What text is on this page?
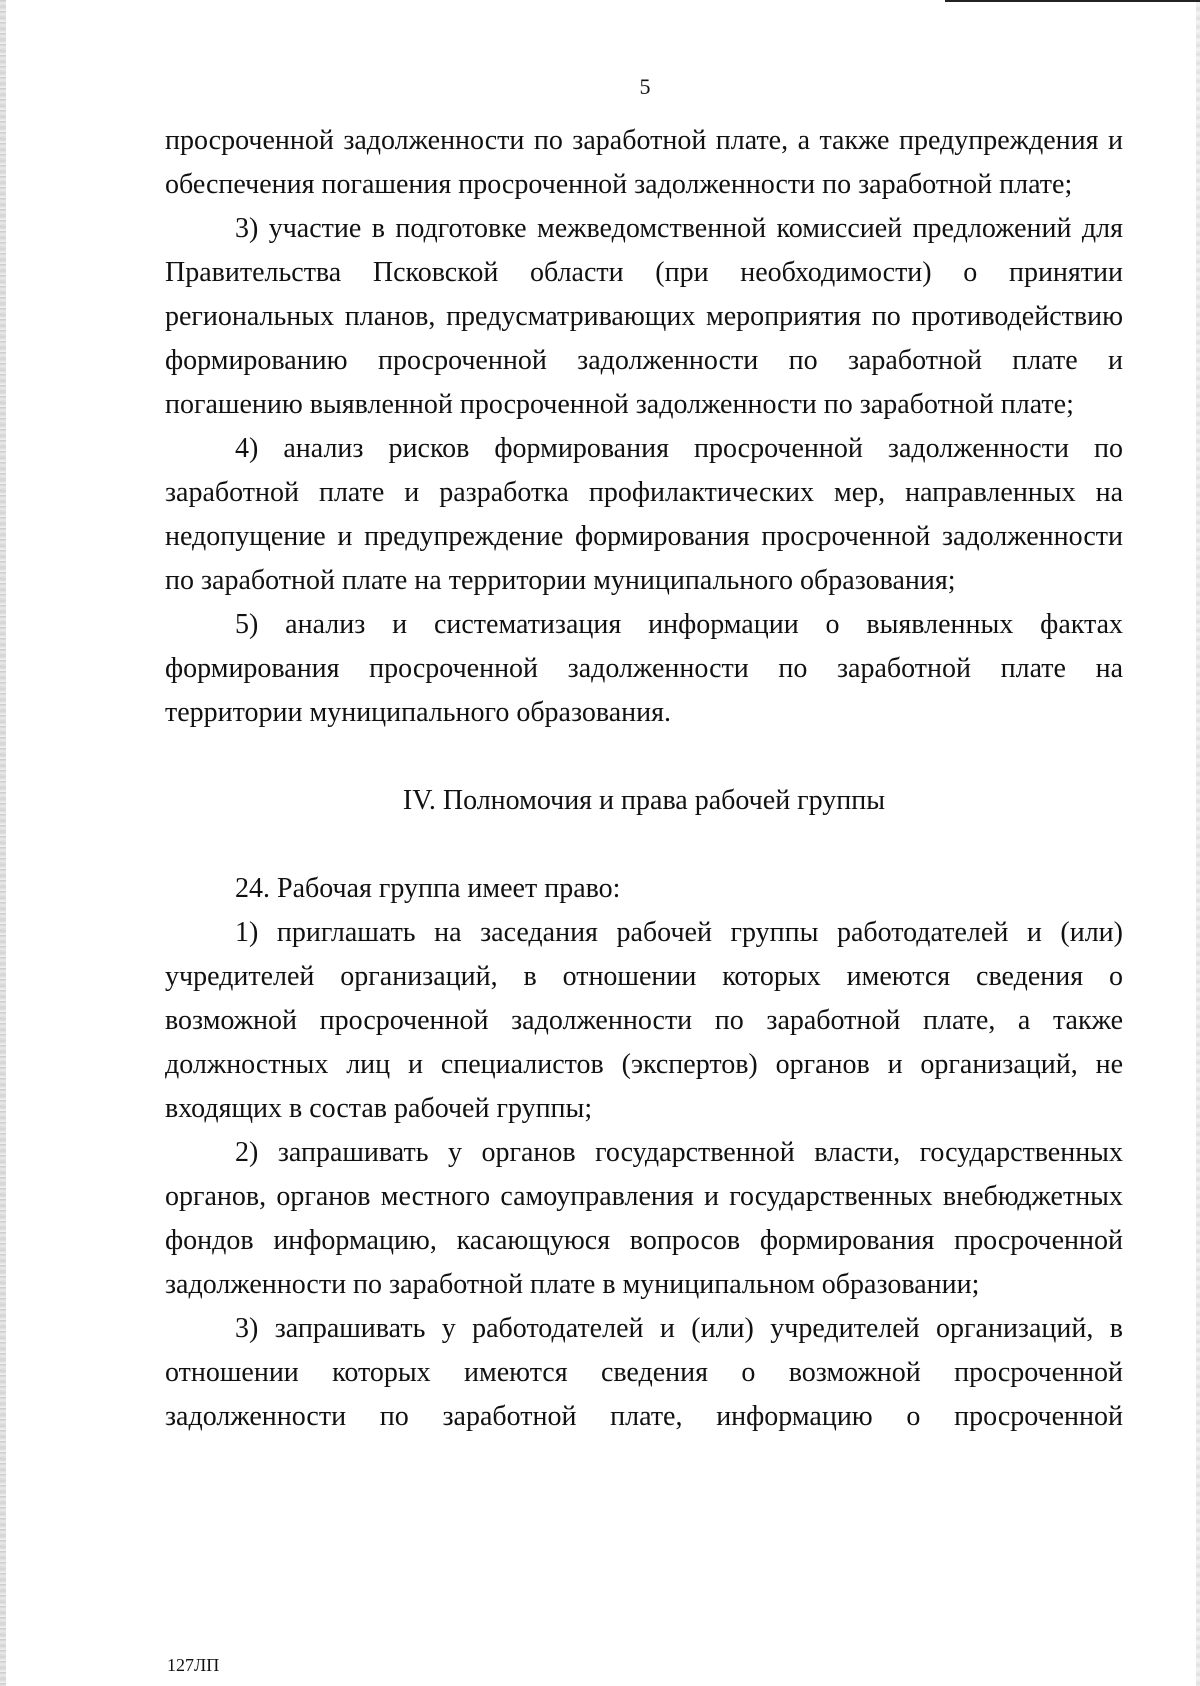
5

просроченной задолженности по заработной плате, а также предупреждения и обеспечения погашения просроченной задолженности по заработной плате;

3) участие в подготовке межведомственной комиссией предложений для Правительства Псковской области (при необходимости) о принятии региональных планов, предусматривающих мероприятия по противодействию формированию просроченной задолженности по заработной плате и погашению выявленной просроченной задолженности по заработной плате;

4) анализ рисков формирования просроченной задолженности по заработной плате и разработка профилактических мер, направленных на недопущение и предупреждение формирования просроченной задолженности по заработной плате на территории муниципального образования;

5) анализ и систематизация информации о выявленных фактах формирования просроченной задолженности по заработной плате на территории муниципального образования.

IV. Полномочия и права рабочей группы

24. Рабочая группа имеет право:

1) приглашать на заседания рабочей группы работодателей и (или) учредителей организаций, в отношении которых имеются сведения о возможной просроченной задолженности по заработной плате, а также должностных лиц и специалистов (экспертов) органов и организаций, не входящих в состав рабочей группы;

2) запрашивать у органов государственной власти, государственных органов, органов местного самоуправления и государственных внебюджетных фондов информацию, касающуюся вопросов формирования просроченной задолженности по заработной плате в муниципальном образовании;

3) запрашивать у работодателей и (или) учредителей организаций, в отношении которых имеются сведения о возможной просроченной задолженности по заработной плате, информацию о просроченной

127ЛП
